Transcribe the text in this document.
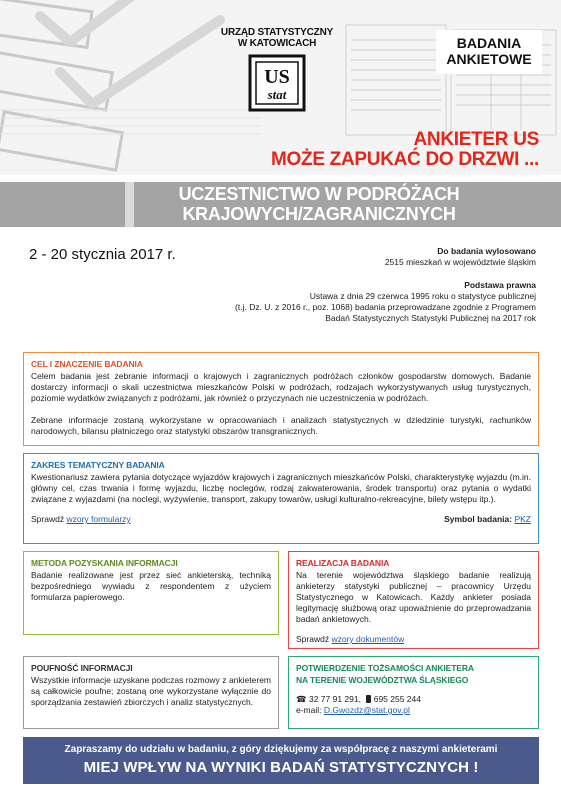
URZĄD STATYSTYCZNY
W KATOWICACH
US
stat
BADANIA
ANKIETOWE
ANKIETER US
MOŻE ZAPUKAĆ DO DRZWI ...
UCZESTNICTWO W PODRÓŻACH
KRAJOWYCH/ZAGRANICZNYCH
2 - 20 stycznia 2017 r.	Do badania wylosowano
2515 mieszkań w województwie śląskim
Podstawa prawna
Ustawa z dnia 29 czerwca 1995 roku o statystyce publicznej
(t.j. Dz. U. z 2016 r., poz. 1068) badania przeprowadzane zgodnie z Programem
Badań Statystycznych Statystyki Publicznej na 2017 rok
CEL I ZNACZENIE BADANIA

Celem badania jest zebranie informacji o krajowych i zagranicznych podróżach członków gospodarstw domowych. Badanie dostarczy informacji o skali uczestnictwa mieszkańców Polski w podróżach, rodzajach wykorzystywanych usług turystycznych, poziomie wydatków związanych z podróżami, jak również o przyczynach nie uczestniczenia w podróżach.

Zebrane informacje zostaną wykorzystane w opracowaniach i analizach statystycznych w dziedzinie turystyki, rachunków narodowych, bilansu płatniczego oraz statystyki obszarów transgranicznych.

ZAKRES TEMATYCZNY BADANIA

Kwestionariusz zawiera pytania dotyczące wyjazdów krajowych i zagranicznych mieszkańców Polski, charakterystykę wyjazdu (m.in. główny cel, czas trwania i formę wyjazdu, liczbę noclegów, rodzaj zakwaterowania, środek transportu) oraz pytania o wydatki związane z wyjazdami (na noclegi, wyżywienie, transport, zakupy towarów, usługi kulturalno-rekreacyjne, bilety wstępu itp.).

Sprawdź wzory formularzy	Symbol badania: PKZ
METODA POZYSKANIA INFORMACJI

Badanie realizowane jest przez sieć ankieterską, techniką bezpośredniego wywiadu z respondentem z użyciem formularza papierowego.

REALIZACJA BADANIA

Na terenie województwa śląskiego badanie realizują ankieterzy statystyki publicznej – pracownicy Urzędu Statystycznego w Katowicach. Każdy ankieter posiada legitymację służbową oraz upoważnienie do przeprowadzania badań ankietowych.

Sprawdź wzory dokumentów
POUFNOŚĆ INFORMACJI

Wszystkie informacje uzyskane podczas rozmowy z ankieterem są całkowicie poufne; zostaną one wykorzystane wyłącznie do sporządzania zestawień zbiorczych i analiz statystycznych.

POTWIERDZENIE TOŻSAMOŚCI ANKIETERA
NA TERENIE WOJEWÓDZTWA ŚLĄSKIEGO
☎ 32 77 91 291, 695 255 244
e-mail: D.Gwozdz@stat.gov.pl
Zapraszamy do udziału w badaniu, z góry dziękujemy za współpracę z naszymi ankieterami
MIEJ WPŁYW NA WYNIKI BADAŃ STATYSTYCZNYCH !
